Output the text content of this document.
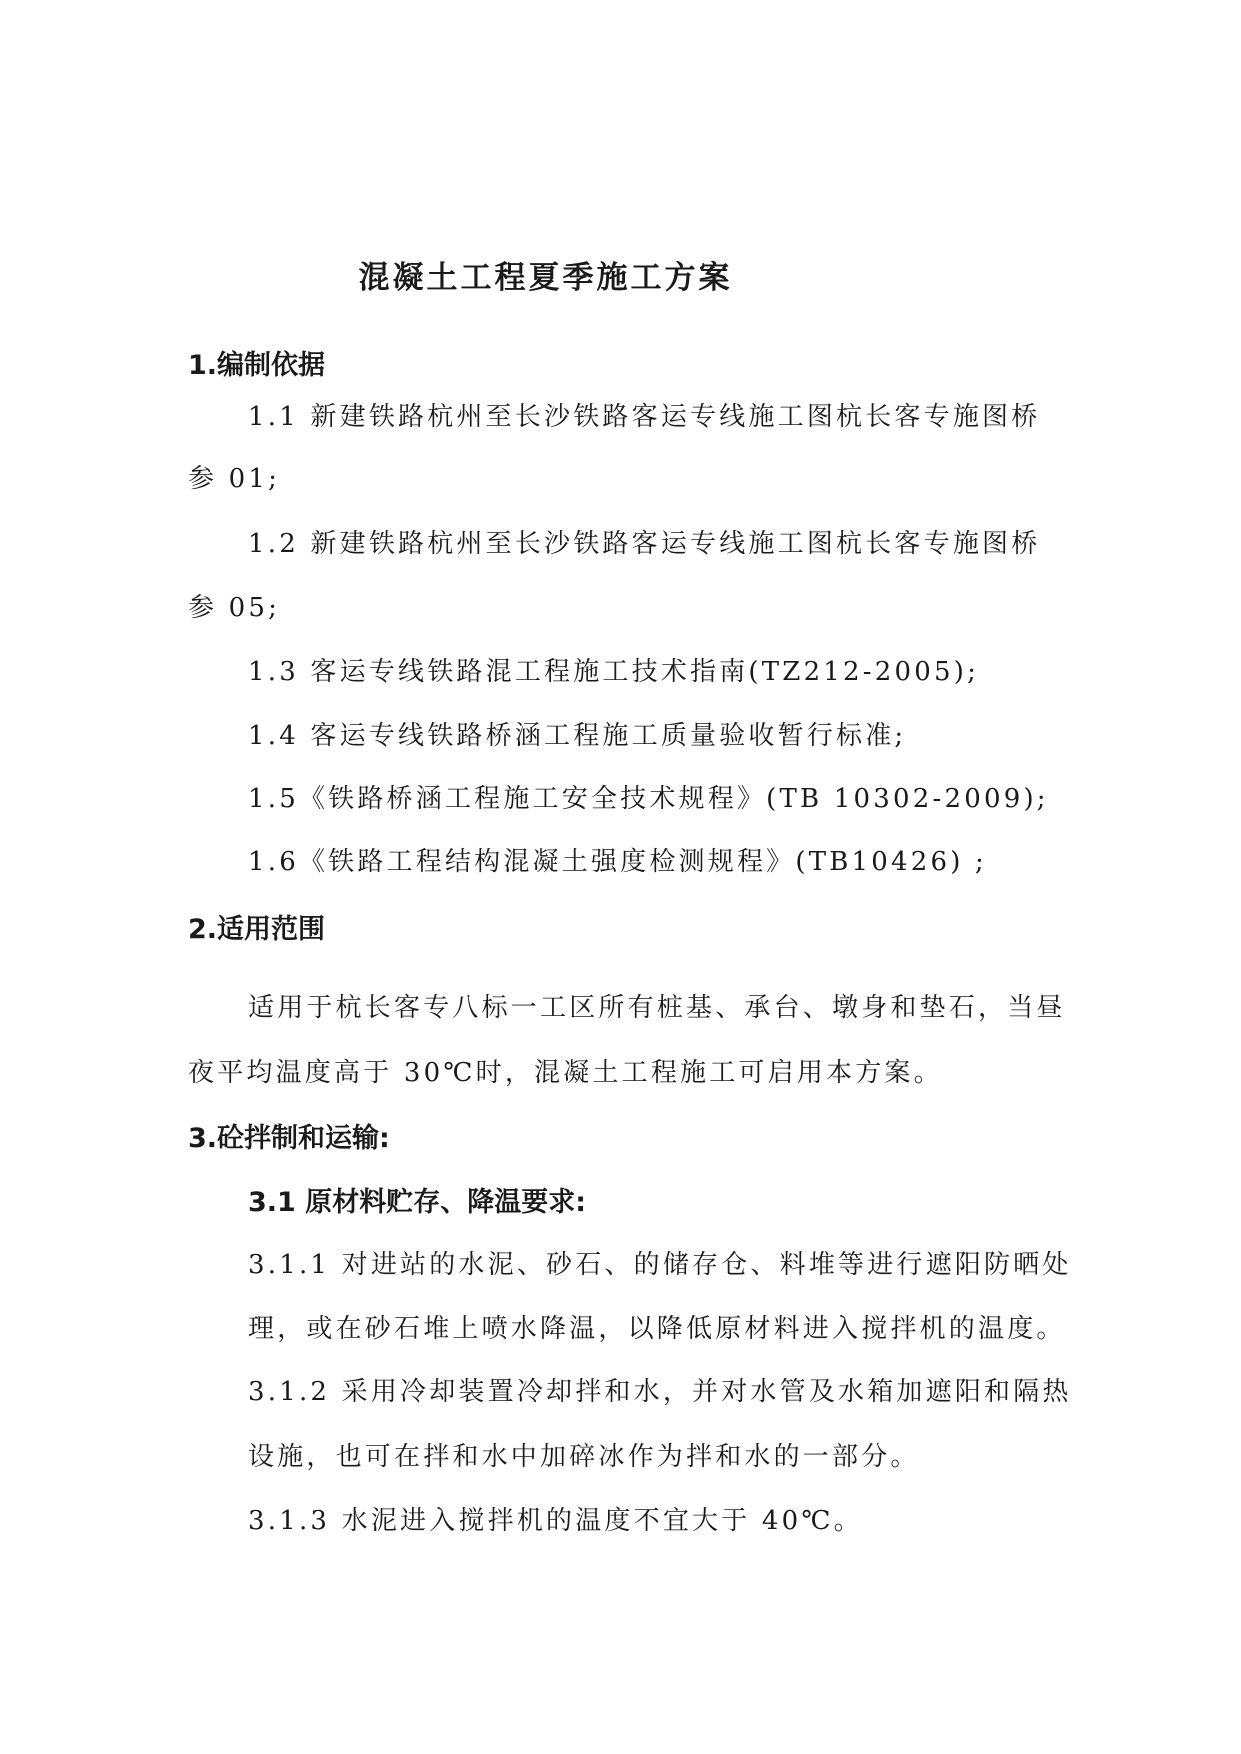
混凝土工程夏季施工方案
1.编制依据
1.1 新建铁路杭州至长沙铁路客运专线施工图杭长客专施图桥
参 01;
1.2 新建铁路杭州至长沙铁路客运专线施工图杭长客专施图桥
参 05;
1.3 客运专线铁路混工程施工技术指南(TZ212-2005);
1.4 客运专线铁路桥涵工程施工质量验收暂行标准;
1.5《铁路桥涵工程施工安全技术规程》(TB 10302-2009);
1.6《铁路工程结构混凝土强度检测规程》(TB10426) ;
2.适用范围
适用于杭长客专八标一工区所有桩基、承台、墩身和垫石，当昼
夜平均温度高于 30℃时，混凝土工程施工可启用本方案。
3.砼拌制和运输:
3.1 原材料贮存、降温要求:
3.1.1 对进站的水泥、砂石、的储存仓、料堆等进行遮阳防晒处
理，或在砂石堆上喷水降温，以降低原材料进入搅拌机的温度。
3.1.2 采用冷却装置冷却拌和水，并对水管及水箱加遮阳和隔热
设施，也可在拌和水中加碎冰作为拌和水的一部分。
3.1.3 水泥进入搅拌机的温度不宜大于 40℃。
